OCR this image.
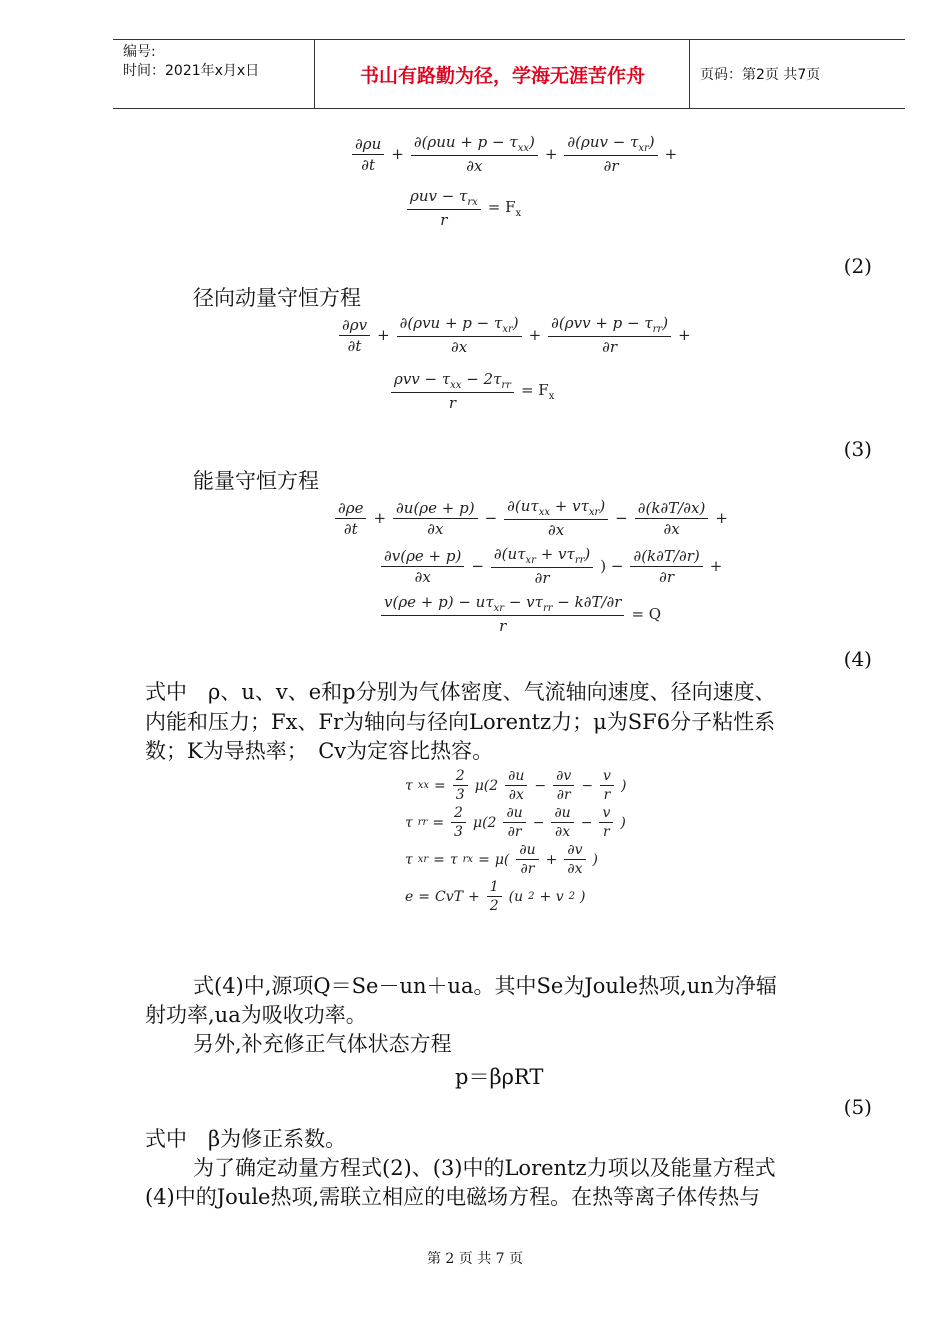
编号:
时间：2021年x月x日	书山有路勤为径，学海无涯苦作舟	页码：第2页 共7页
$\frac{\partial\rho u}{\partial t} + \frac{\partial(\rho uu + p - \tau_{xx})}{\partial x} + \frac{\partial(\rho uv - \tau_{xr})}{\partial r}$ +
$\frac{\rho uv - \tau_{rx}}{r} = F_x$
(2)
径向动量守恒方程
$\frac{\partial\rho v}{\partial t} + \frac{\partial(\rho vu + p - \tau_{xr})}{\partial x} + \frac{\partial(\rho vv + p - \tau_{rr})}{\partial r}$ +
$\frac{\rho vv - \tau_{xx} - 2\tau_{rr}}{r} = F_x$
(3)
能量守恒方程
$\frac{\partial\rho e}{\partial t} + \frac{\partial u(\rho e + p)}{\partial x} - \frac{\partial(u\tau_{xx} + v\tau_{xr})}{\partial x} - \frac{\partial(k\partial T/\partial x)}{\partial x}$ +
$\frac{\partial v(\rho e + p)}{\partial x} - \frac{\partial(u\tau_{xr} + v\tau_{rr})}{\partial r}$ ) − $\frac{\partial(k\partial T/\partial r)}{\partial r}$ +
$\frac{v(\rho e + p) - u\tau_{xr} - v\tau_{rr} - k\partial T/\partial r}{r} = Q$
(4)
式中　ρ、u、v、e和p分别为气体密度、气流轴向速度、径向速度、
内能和压力；Fx、Fr为轴向与径向Lorentz力；μ为SF6分子粘性系
数；K为导热率；　Cv为定容比热容。
τ xx = $\frac{2}{3} \mu(2 \frac{\partial u}{\partial x} - \frac{\partial v}{\partial r} - \frac{v}{r}$ )
τ rr = $\frac{2}{3} \mu(2 \frac{\partial u}{\partial r} - \frac{\partial u}{\partial x} - \frac{v}{r}$ )
τ xr = τ rx = $\mu( \frac{\partial u}{\partial r} + \frac{\partial v}{\partial x}$ )
e = CvT + $\frac{1}{2} (u$ 2 + v 2 )
式(4)中,源项Q＝Se－un＋ua。其中Se为Joule热项,un为净辐
射功率,ua为吸收功率。
另外,补充修正气体状态方程
p＝βρRT
(5)
式中　β为修正系数。
为了确定动量方程式(2)、(3)中的Lorentz力项以及能量方程式
(4)中的Joule热项,需联立相应的电磁场方程。在热等离子体传热与
第 2 页 共 7 页
